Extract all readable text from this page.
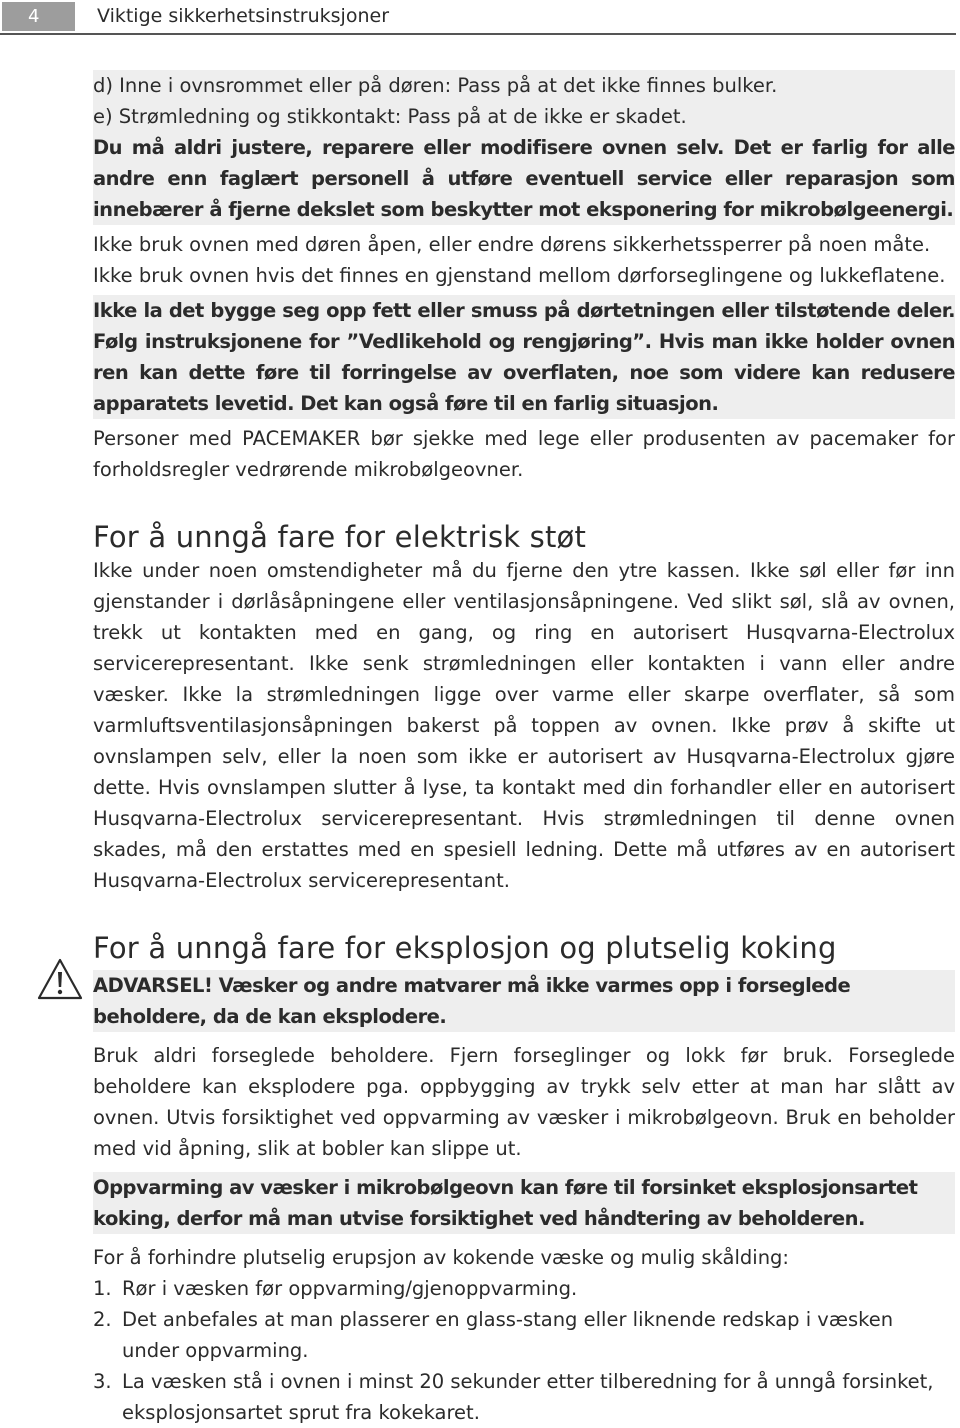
4	Viktige sikkerhetsinstruksjoner

d) Inne i ovnsrommet eller på døren: Pass på at det ikke finnes bulker.

e) Strømledning og stikkontakt: Pass på at de ikke er skadet.

Du må aldri justere, reparere eller modifisere ovnen selv. Det er farlig for alle andre enn faglært personell å utføre eventuell service eller reparasjon som innebærer å fjerne dekslet som beskytter mot eksponering for mikrobølgeenergi.

Ikke bruk ovnen med døren åpen, eller endre dørens sikkerhetssperrer på noen måte.

Ikke bruk ovnen hvis det finnes en gjenstand mellom dørforseglingene og lukkeflatene.

Ikke la det bygge seg opp fett eller smuss på dørtetningen eller tilstøtende deler. Følg instruksjonene for ”Vedlikehold og rengjøring”. Hvis man ikke holder ovnen ren kan dette føre til forringelse av overflaten, noe som videre kan redusere apparatets levetid. Det kan også føre til en farlig situasjon.

Personer med PACEMAKER bør sjekke med lege eller produsenten av pacemaker for forholdsregler vedrørende mikrobølgeovner.

For å unngå fare for elektrisk støt

Ikke under noen omstendigheter må du fjerne den ytre kassen. Ikke søl eller før inn gjenstander i dørlåsåpningene eller ventilasjonsåpningene. Ved slikt søl, slå av ovnen, trekk ut kontakten med en gang, og ring en autorisert Husqvarna-Electrolux servicerepresentant. Ikke senk strømledningen eller kontakten i vann eller andre væsker. Ikke la strømledningen ligge over varme eller skarpe overflater, så som varmluftsventilasjonsåpningen bakerst på toppen av ovnen. Ikke prøv å skifte ut ovnslampen selv, eller la noen som ikke er autorisert av Husqvarna-Electrolux gjøre dette. Hvis ovnslampen slutter å lyse, ta kontakt med din forhandler eller en autorisert Husqvarna-Electrolux servicerepresentant. Hvis strømledningen til denne ovnen skades, må den erstattes med en spesiell ledning. Dette må utføres av en autorisert Husqvarna-Electrolux servicerepresentant.

For å unngå fare for eksplosjon og plutselig koking

ADVARSEL! Væsker og andre matvarer må ikke varmes opp i forseglede beholdere, da de kan eksplodere.

Bruk aldri forseglede beholdere. Fjern forseglinger og lokk før bruk. Forseglede beholdere kan eksplodere pga. oppbygging av trykk selv etter at man har slått av ovnen. Utvis forsiktighet ved oppvarming av væsker i mikrobølgeovn. Bruk en beholder med vid åpning, slik at bobler kan slippe ut.

Oppvarming av væsker i mikrobølgeovn kan føre til forsinket eksplosjonsartet koking, derfor må man utvise forsiktighet ved håndtering av beholderen.

For å forhindre plutselig erupsjon av kokende væske og mulig skålding:

1. Rør i væsken før oppvarming/gjenoppvarming.
2. Det anbefales at man plasserer en glass-stang eller liknende redskap i væsken under oppvarming.
3. La væsken stå i ovnen i minst 20 sekunder etter tilberedning for å unngå forsinket, eksplosjonsartet sprut fra kokekaret.
